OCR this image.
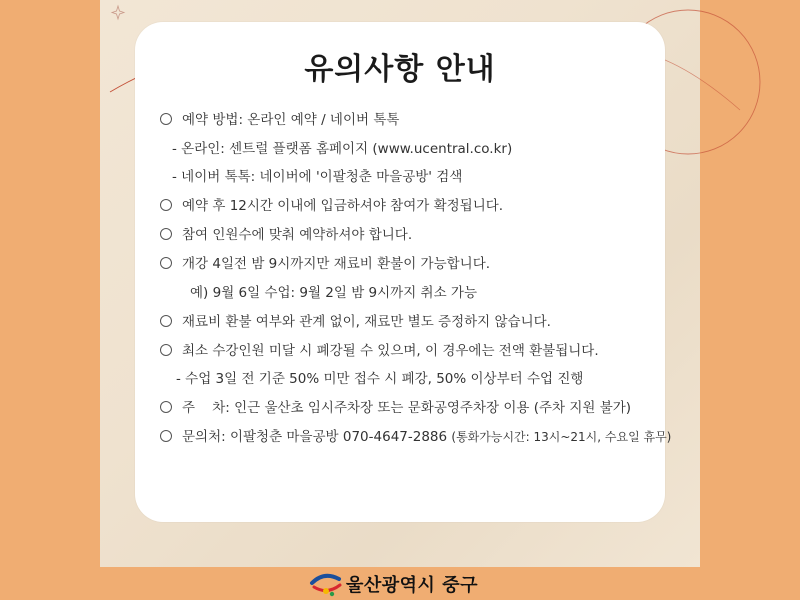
유의사항 안내
예약 방법: 온라인 예약 / 네이버 톡톡
- 온라인: 센트럴 플랫폼 홈페이지 (www.ucentral.co.kr)
- 네이버 톡톡: 네이버에 '이팔청춘 마을공방' 검색
예약 후 12시간 이내에 입금하셔야 참여가 확정됩니다.
참여 인원수에 맞춰 예약하셔야 합니다.
개강 4일전 밤 9시까지만 재료비 환불이 가능합니다.
예) 9월 6일 수업: 9월 2일 밤 9시까지 취소 가능
재료비 환불 여부와 관계 없이, 재료만 별도 증정하지 않습니다.
최소 수강인원 미달 시 폐강될 수 있으며, 이 경우에는 전액 환불됩니다.
- 수업 3일 전 기준 50% 미만 접수 시 폐강, 50% 이상부터 수업 진행
주    차: 인근 울산초 임시주차장 또는 문화공영주차장 이용 (주차 지원 불가)
문의처: 이팔청춘 마을공방 070-4647-2886 (통화가능시간: 13시~21시, 수요일 휴무)
울산광역시 중구
